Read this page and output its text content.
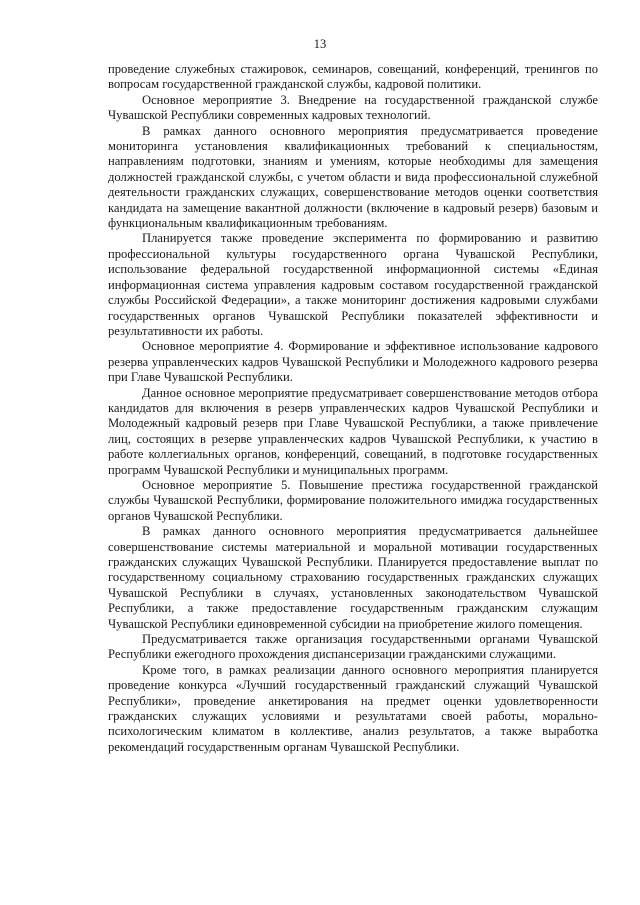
13

проведение служебных стажировок, семинаров, совещаний, конференций, тренингов по вопросам государственной гражданской службы, кадровой политики.

Основное мероприятие 3. Внедрение на государственной гражданской службе Чувашской Республики современных кадровых технологий.

В рамках данного основного мероприятия предусматривается проведение мониторинга установления квалификационных требований к специальностям, направлениям подготовки, знаниям и умениям, которые необходимы для замещения должностей гражданской службы, с учетом области и вида профессиональной служебной деятельности гражданских служащих, совершенствование методов оценки соответствия кандидата на замещение вакантной должности (включение в кадровый резерв) базовым и функциональным квалификационным требованиям.

Планируется также проведение эксперимента по формированию и развитию профессиональной культуры государственного органа Чувашской Республики, использование федеральной государственной информационной системы «Единая информационная система управления кадровым составом государственной гражданской службы Российской Федерации», а также мониторинг достижения кадровыми службами государственных органов Чувашской Республики показателей эффективности и результативности их работы.

Основное мероприятие 4. Формирование и эффективное использование кадрового резерва управленческих кадров Чувашской Республики и Молодежного кадрового резерва при Главе Чувашской Республики.

Данное основное мероприятие предусматривает совершенствование методов отбора кандидатов для включения в резерв управленческих кадров Чувашской Республики и Молодежный кадровый резерв при Главе Чувашской Республики, а также привлечение лиц, состоящих в резерве управленческих кадров Чувашской Республики, к участию в работе коллегиальных органов, конференций, совещаний, в подготовке государственных программ Чувашской Республики и муниципальных программ.

Основное мероприятие 5. Повышение престижа государственной гражданской службы Чувашской Республики, формирование положительного имиджа государственных органов Чувашской Республики.

В рамках данного основного мероприятия предусматривается дальнейшее совершенствование системы материальной и моральной мотивации государственных гражданских служащих Чувашской Республики. Планируется предоставление выплат по государственному социальному страхованию государственных гражданских служащих Чувашской Республики в случаях, установленных законодательством Чувашской Республики, а также предоставление государственным гражданским служащим Чувашской Республики единовременной субсидии на приобретение жилого помещения.

Предусматривается также организация государственными органами Чувашской Республики ежегодного прохождения диспансеризации гражданскими служащими.

Кроме того, в рамках реализации данного основного мероприятия планируется проведение конкурса «Лучший государственный гражданский служащий Чувашской Республики», проведение анкетирования на предмет оценки удовлетворенности гражданских служащих условиями и результатами своей работы, морально-психологическим климатом в коллективе, анализ результатов, а также выработка рекомендаций государственным органам Чувашской Республики.
